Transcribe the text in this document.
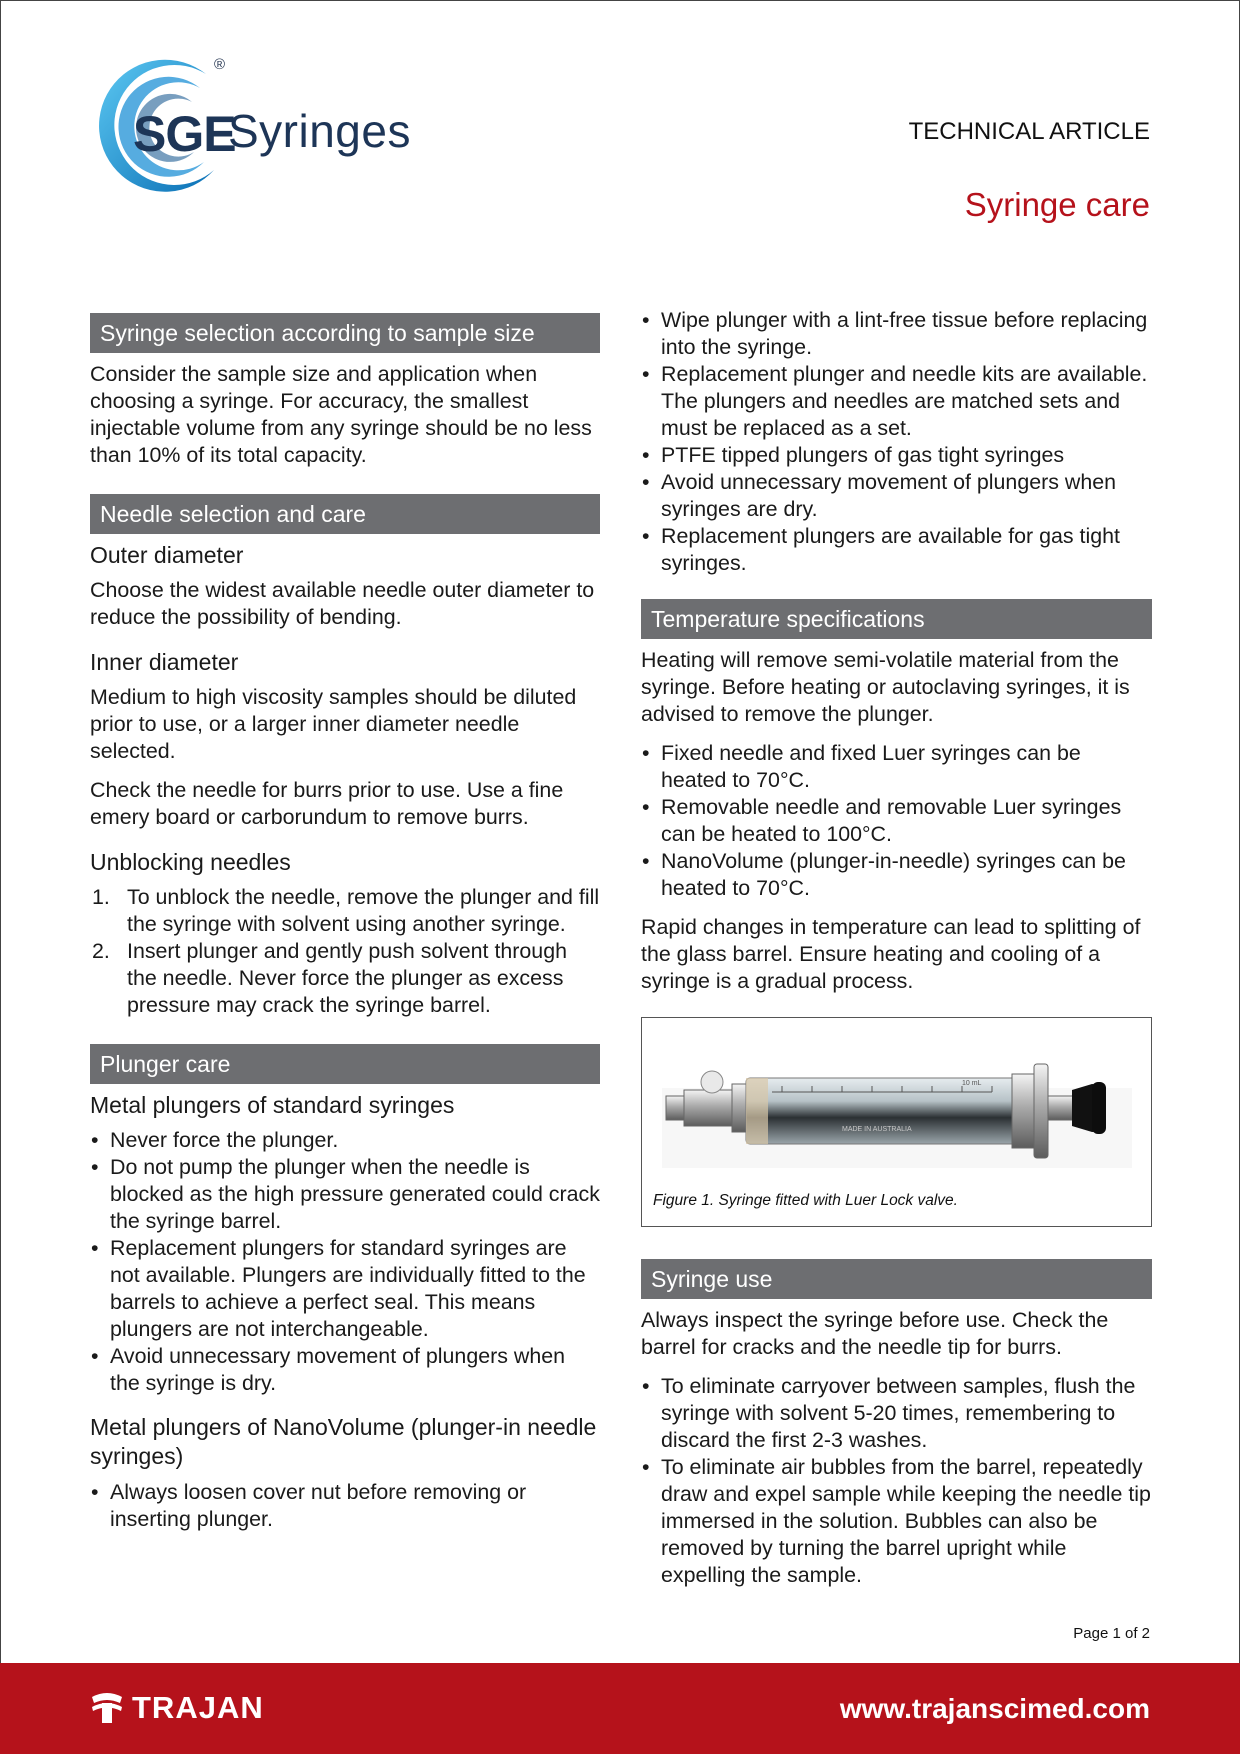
®
SGE
Syringes	TECHNICAL ARTICLE
Syringe care
Syringe selection according to sample size

Consider the sample size and application when choosing a syringe. For accuracy, the smallest injectable volume from any syringe should be no less than 10% of its total capacity.

Needle selection and care
Outer diameter

Choose the widest available needle outer diameter to reduce the possibility of bending.

Inner diameter

Medium to high viscosity samples should be diluted prior to use, or a larger inner diameter needle selected.

Check the needle for burrs prior to use. Use a fine emery board or carborundum to remove burrs.

Unblocking needles
1. To unblock the needle, remove the plunger and fill the syringe with solvent using another syringe.
2. Insert plunger and gently push solvent through the needle. Never force the plunger as excess pressure may crack the syringe barrel.
Plunger care
Metal plungers of standard syringes
• Never force the plunger.
• Do not pump the plunger when the needle is blocked as the high pressure generated could crack the syringe barrel.
• Replacement plungers for standard syringes are not available. Plungers are individually fitted to the barrels to achieve a perfect seal. This means plungers are not interchangeable.
• Avoid unnecessary movement of plungers when the syringe is dry.
Metal plungers of NanoVolume (plunger-in needle syringes)
• Always loosen cover nut before removing or inserting plunger.
• Wipe plunger with a lint-free tissue before replacing into the syringe.
• Replacement plunger and needle kits are available. The plungers and needles are matched sets and must be replaced as a set.
• PTFE tipped plungers of gas tight syringes
• Avoid unnecessary movement of plungers when syringes are dry.
• Replacement plungers are available for gas tight syringes.
Temperature specifications

Heating will remove semi-volatile material from the syringe. Before heating or autoclaving syringes, it is advised to remove the plunger.

• Fixed needle and fixed Luer syringes can be heated to 70°C.
• Removable needle and removable Luer syringes can be heated to 100°C.
• NanoVolume (plunger-in-needle) syringes can be heated to 70°C.

Rapid changes in temperature can lead to splitting of the glass barrel. Ensure heating and cooling of a syringe is a gradual process.

MADE IN AUSTRALIA
10 mL
Figure 1. Syringe fitted with Luer Lock valve.
Syringe use

Always inspect the syringe before use. Check the barrel for cracks and the needle tip for burrs.

• To eliminate carryover between samples, flush the syringe with solvent 5-20 times, remembering to discard the first 2-3 washes.
• To eliminate air bubbles from the barrel, repeatedly draw and expel sample while keeping the needle tip immersed in the solution. Bubbles can also be removed by turning the barrel upright while expelling the sample.
Page 1 of 2
TRAJAN	www.trajanscimed.com
